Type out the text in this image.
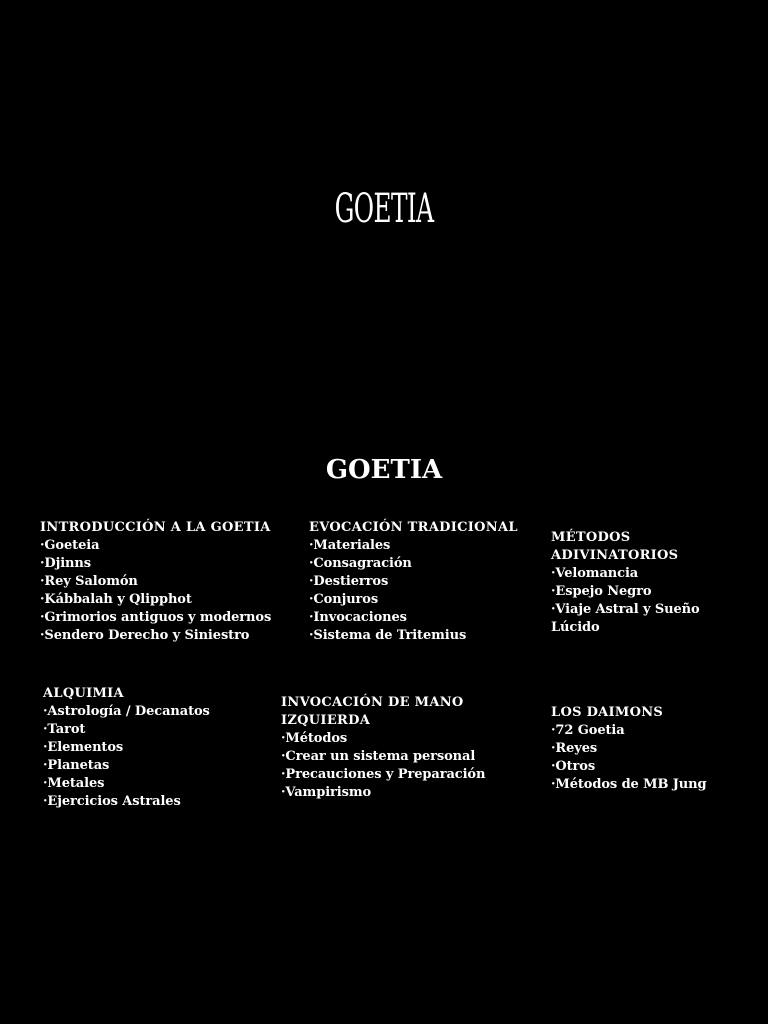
GOETIA
GOETIA
INTRODUCCIÓN A LA GOETIA
·Goeteia
·Djinns
·Rey Salomón
·Kábbalah y Qlipphot
·Grimorios antiguos y modernos
·Sendero Derecho y Siniestro
EVOCACIÓN TRADICIONAL
·Materiales
·Consagración
·Destierros
·Conjuros
·Invocaciones
·Sistema de Tritemius
MÉTODOS
ADIVINATORIOS
·Velomancia
·Espejo Negro
·Viaje Astral y Sueño
Lúcido
ALQUIMIA
·Astrología / Decanatos
·Tarot
·Elementos
·Planetas
·Metales
·Ejercicios Astrales
INVOCACIÓN DE MANO
IZQUIERDA
·Métodos
·Crear un sistema personal
·Precauciones y Preparación
·Vampirismo
LOS DAIMONS
·72 Goetia
·Reyes
·Otros
·Métodos de MB Jung
